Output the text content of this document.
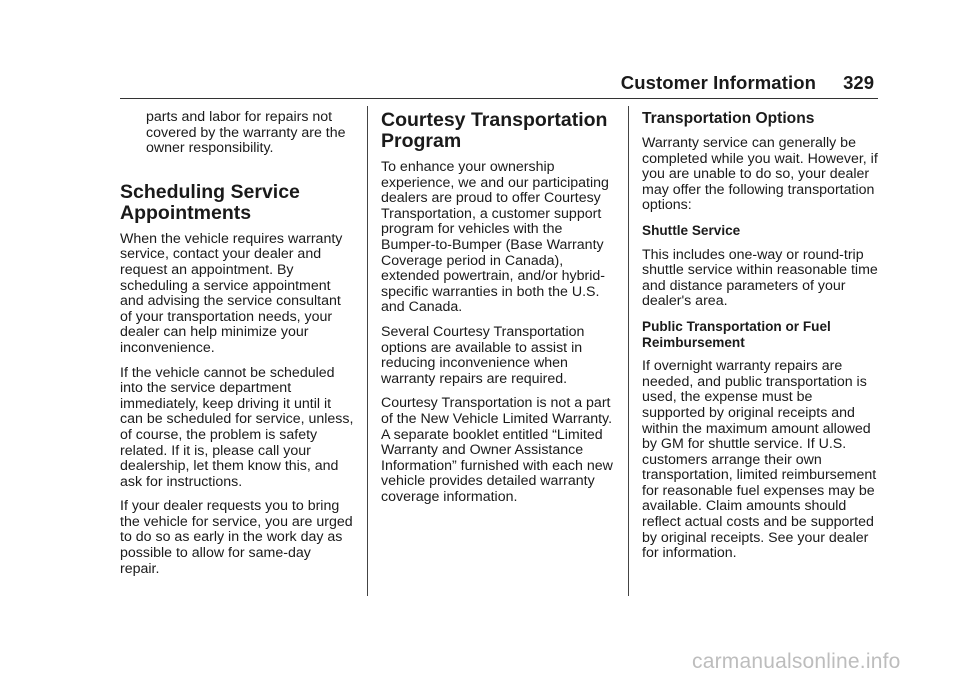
Customer Information 329

parts and labor for repairs not covered by the warranty are the owner responsibility.

Scheduling Service Appointments

When the vehicle requires warranty service, contact your dealer and request an appointment. By scheduling a service appointment and advising the service consultant of your transportation needs, your dealer can help minimize your inconvenience.

If the vehicle cannot be scheduled into the service department immediately, keep driving it until it can be scheduled for service, unless, of course, the problem is safety related. If it is, please call your dealership, let them know this, and ask for instructions.

If your dealer requests you to bring the vehicle for service, you are urged to do so as early in the work day as possible to allow for same-day repair.

Courtesy Transportation Program

To enhance your ownership experience, we and our participating dealers are proud to offer Courtesy Transportation, a customer support program for vehicles with the Bumper-to-Bumper (Base Warranty Coverage period in Canada), extended powertrain, and/or hybrid-specific warranties in both the U.S. and Canada.

Several Courtesy Transportation options are available to assist in reducing inconvenience when warranty repairs are required.

Courtesy Transportation is not a part of the New Vehicle Limited Warranty. A separate booklet entitled “Limited Warranty and Owner Assistance Information” furnished with each new vehicle provides detailed warranty coverage information.

Transportation Options

Warranty service can generally be completed while you wait. However, if you are unable to do so, your dealer may offer the following transportation options:

Shuttle Service

This includes one-way or round-trip shuttle service within reasonable time and distance parameters of your dealer's area.

Public Transportation or Fuel Reimbursement

If overnight warranty repairs are needed, and public transportation is used, the expense must be supported by original receipts and within the maximum amount allowed by GM for shuttle service. If U.S. customers arrange their own transportation, limited reimbursement for reasonable fuel expenses may be available. Claim amounts should reflect actual costs and be supported by original receipts. See your dealer for information.

carmanualsonline.info
